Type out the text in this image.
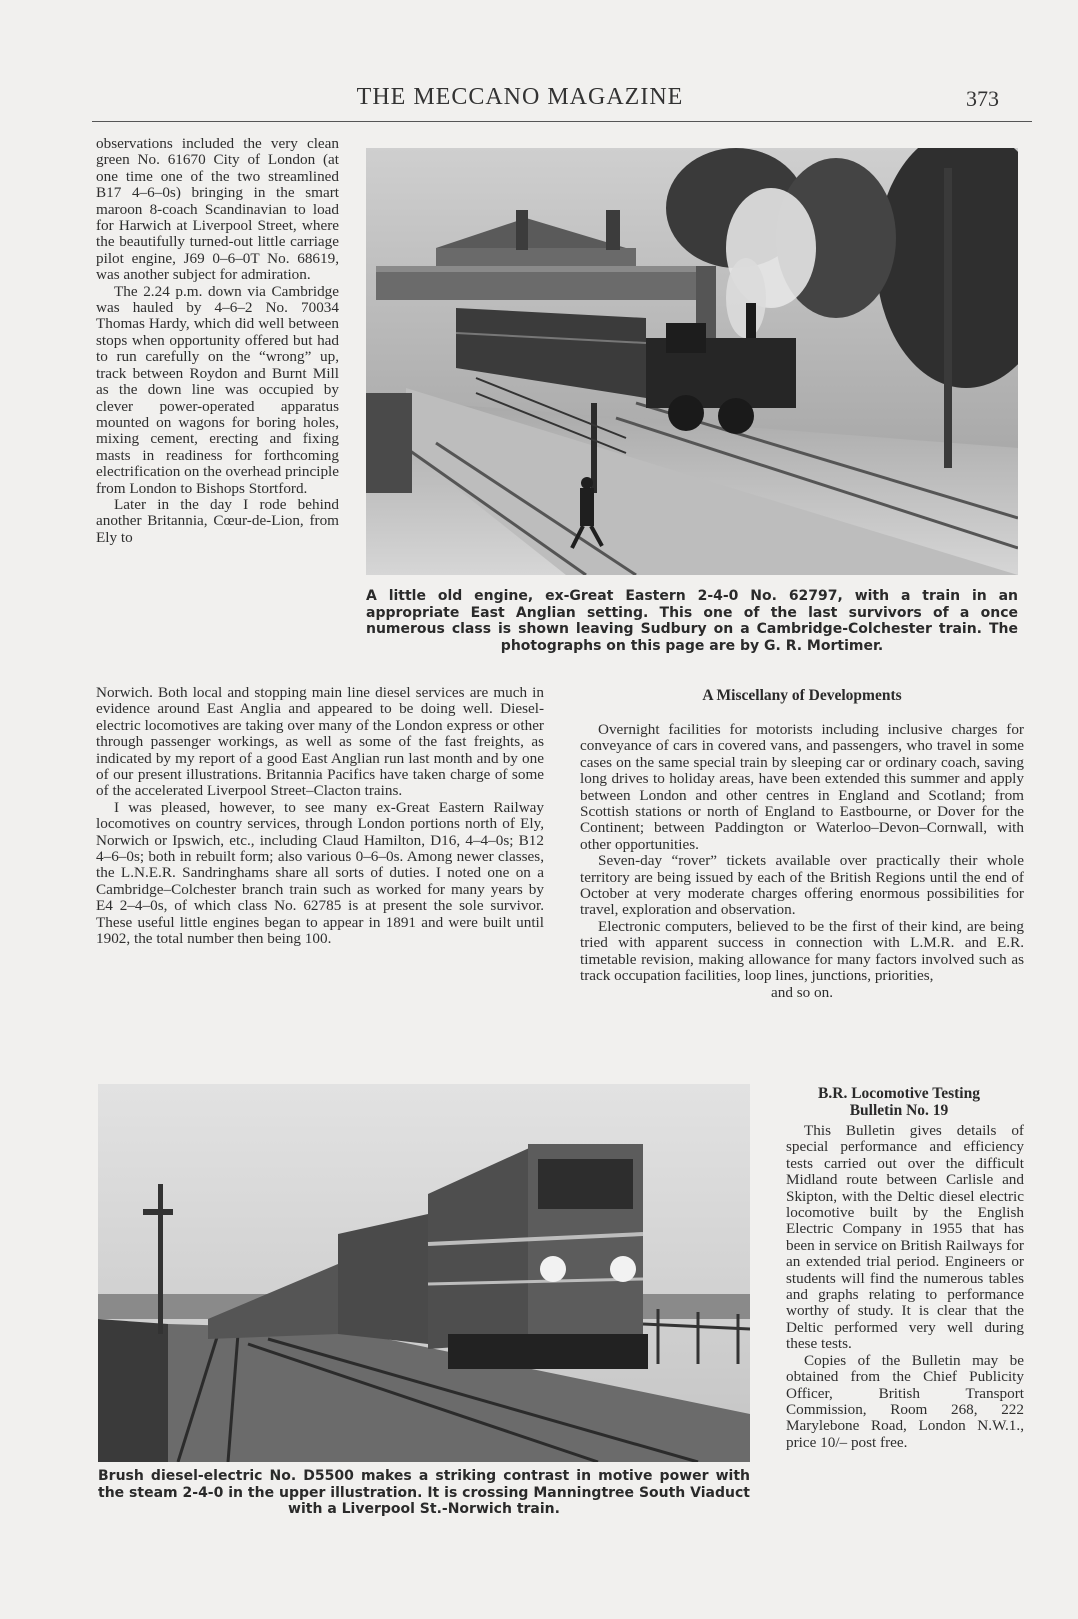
THE MECCANO MAGAZINE	373

observations included the very clean green No. 61670 City of London (at one time one of the two streamlined B17 4–6–0s) bringing in the smart maroon 8-coach Scandinavian to load for Harwich at Liverpool Street, where the beautifully turned-out little carriage pilot engine, J69 0–6–0T No. 68619, was another subject for admiration.

The 2.24 p.m. down via Cambridge was hauled by 4–6–2 No. 70034 Thomas Hardy, which did well between stops when opportunity offered but had to run carefully on the “wrong” up, track between Roydon and Burnt Mill as the down line was occupied by clever power-operated apparatus mounted on wagons for boring holes, mixing cement, erecting and fixing masts in readiness for forthcoming electrification on the overhead principle from London to Bishops Stortford.

Later in the day I rode behind another Britannia, Cœur-de-Lion, from Ely to

A little old engine, ex-Great Eastern 2-4-0 No. 62797, with a train in an appropriate East Anglian setting. This one of the last survivors of a once numerous class is shown leaving Sudbury on a Cambridge-Colchester train. The photographs on this page are by G. R. Mortimer.

Norwich. Both local and stopping main line diesel services are much in evidence around East Anglia and appeared to be doing well. Diesel-electric locomotives are taking over many of the London express or other through passenger workings, as well as some of the fast freights, as indicated by my report of a good East Anglian run last month and by one of our present illustrations. Britannia Pacifics have taken charge of some of the accelerated Liverpool Street–Clacton trains.

I was pleased, however, to see many ex-Great Eastern Railway locomotives on country services, through London portions north of Ely, Norwich or Ipswich, etc., including Claud Hamilton, D16, 4–4–0s; B12 4–6–0s; both in rebuilt form; also various 0–6–0s. Among newer classes, the L.N.E.R. Sandringhams share all sorts of duties. I noted one on a Cambridge–Colchester branch train such as worked for many years by E4 2–4–0s, of which class No. 62785 is at present the sole survivor. These useful little engines began to appear in 1891 and were built until 1902, the total number then being 100.

A Miscellany of Developments

Overnight facilities for motorists including inclusive charges for conveyance of cars in covered vans, and passengers, who travel in some cases on the same special train by sleeping car or ordinary coach, saving long drives to holiday areas, have been extended this summer and apply between London and other centres in England and Scotland; from Scottish stations or north of England to Eastbourne, or Dover for the Continent; between Paddington or Waterloo–Devon–Cornwall, with other opportunities.

Seven-day “rover” tickets available over practically their whole territory are being issued by each of the British Regions until the end of October at very moderate charges offering enormous possibilities for travel, exploration and observation.

Electronic computers, believed to be the first of their kind, are being tried with apparent success in connection with L.M.R. and E.R. timetable revision, making allowance for many factors involved such as track occupation facilities, loop lines, junctions, priorities,

and so on.

Brush diesel-electric No. D5500 makes a striking contrast in motive power with the steam 2-4-0 in the upper illustration. It is crossing Manningtree South Viaduct with a Liverpool St.-Norwich train.
B.R. Locomotive Testing
Bulletin No. 19

This Bulletin gives details of special performance and efficiency tests carried out over the difficult Midland route between Carlisle and Skipton, with the Deltic diesel electric locomotive built by the English Electric Company in 1955 that has been in service on British Railways for an extended trial period. Engineers or students will find the numerous tables and graphs relating to performance worthy of study. It is clear that the Deltic performed very well during these tests.

Copies of the Bulletin may be obtained from the Chief Publicity Officer, British Transport Commission, Room 268, 222 Marylebone Road, London N.W.1., price 10/– post free.
